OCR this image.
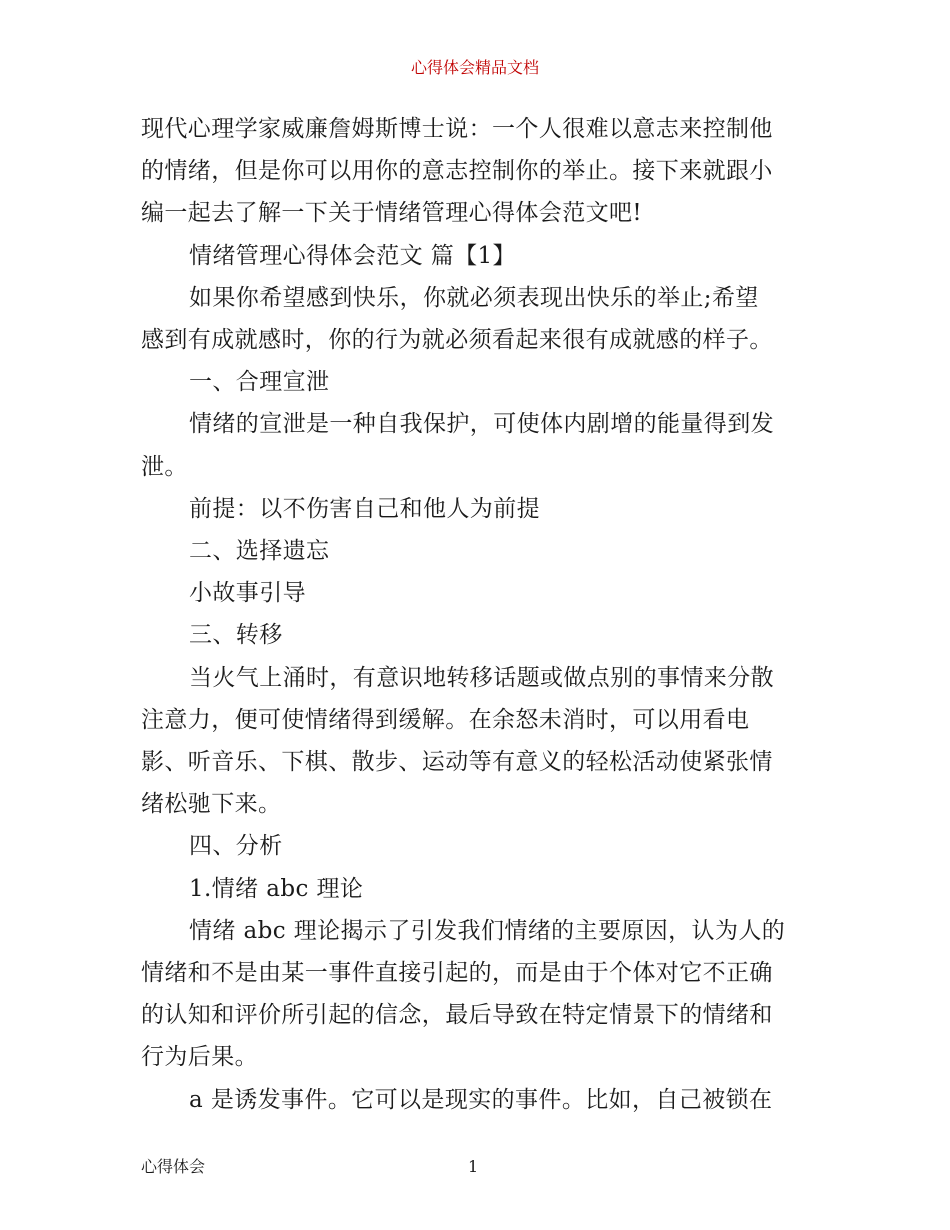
心得体会精品文档

现代心理学家威廉詹姆斯博士说：一个人很难以意志来控制他

的情绪，但是你可以用你的意志控制你的举止。接下来就跟小

编一起去了解一下关于情绪管理心得体会范文吧!

情绪管理心得体会范文 篇【1】

如果你希望感到快乐，你就必须表现出快乐的举止;希望

感到有成就感时，你的行为就必须看起来很有成就感的样子。

一、合理宣泄

情绪的宣泄是一种自我保护，可使体内剧增的能量得到发

泄。

前提：以不伤害自己和他人为前提

二、选择遗忘

小故事引导

三、转移

当火气上涌时，有意识地转移话题或做点别的事情来分散

注意力，便可使情绪得到缓解。在余怒未消时，可以用看电

影、听音乐、下棋、散步、运动等有意义的轻松活动使紧张情

绪松驰下来。

四、分析

1.情绪 abc 理论

情绪 abc 理论揭示了引发我们情绪的主要原因，认为人的

情绪和不是由某一事件直接引起的，而是由于个体对它不正确

的认知和评价所引起的信念，最后导致在特定情景下的情绪和

行为后果。

a 是诱发事件。它可以是现实的事件。比如，自己被锁在

心得体会	1
